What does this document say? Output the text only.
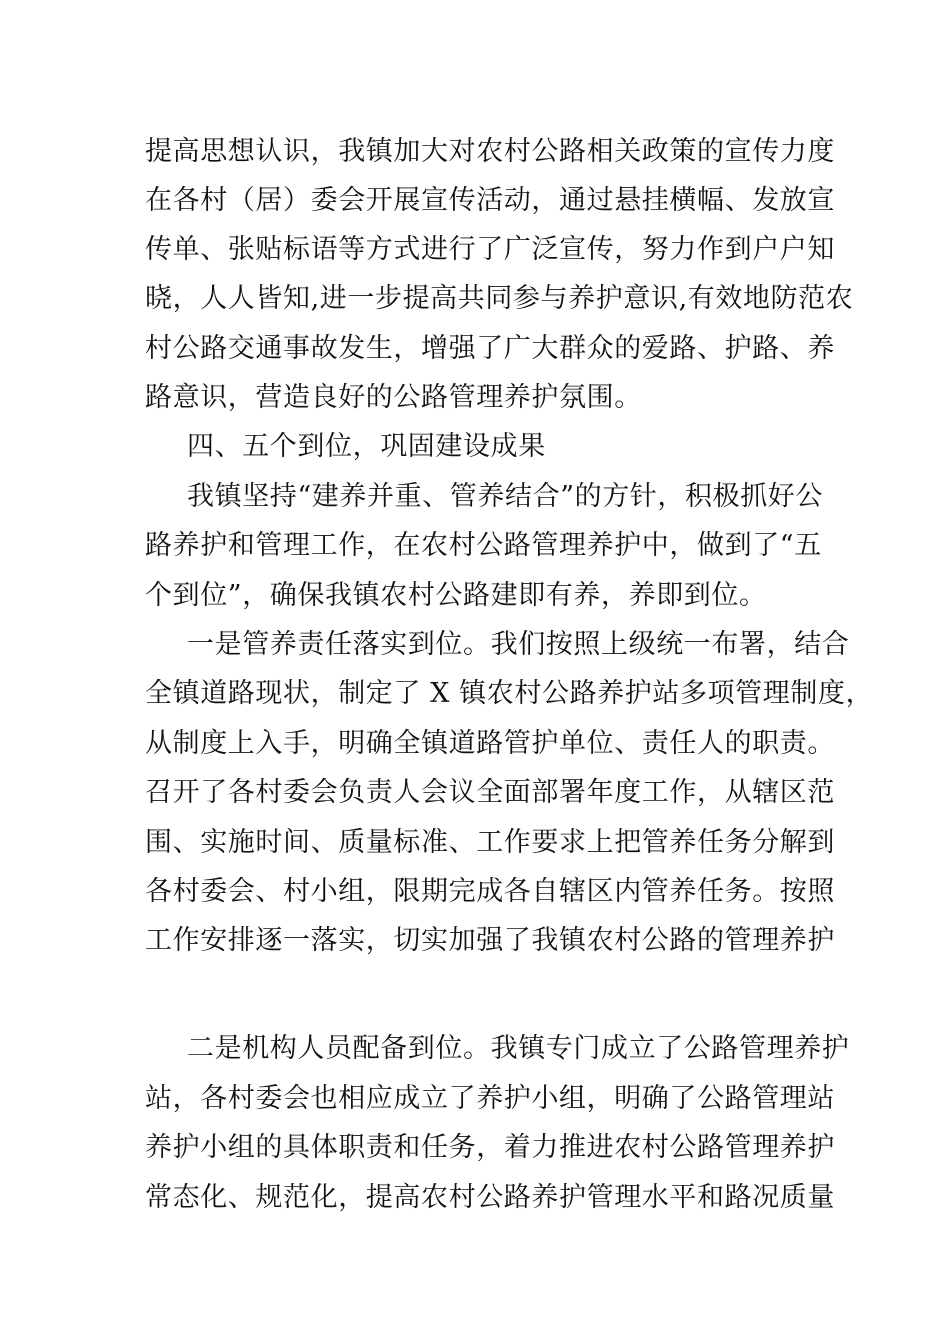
提高思想认识，我镇加大对农村公路相关政策的宣传力度
在各村（居）委会开展宣传活动，通过悬挂横幅、发放宣
传单、张贴标语等方式进行了广泛宣传，努力作到户户知
晓，人人皆知,进一步提高共同参与养护意识,有效地防范农
村公路交通事故发生，增强了广大群众的爱路、护路、养
路意识，营造良好的公路管理养护氛围。
四、五个到位，巩固建设成果
我镇坚持“建养并重、管养结合”的方针，积极抓好公
路养护和管理工作，在农村公路管理养护中，做到了“五
个到位”，确保我镇农村公路建即有养，养即到位。
一是管养责任落实到位。我们按照上级统一布署，结合
全镇道路现状，制定了 X 镇农村公路养护站多项管理制度，
从制度上入手，明确全镇道路管护单位、责任人的职责。
召开了各村委会负责人会议全面部署年度工作，从辖区范
围、实施时间、质量标准、工作要求上把管养任务分解到
各村委会、村小组，限期完成各自辖区内管养任务。按照
工作安排逐一落实，切实加强了我镇农村公路的管理养护
二是机构人员配备到位。我镇专门成立了公路管理养护
站，各村委会也相应成立了养护小组，明确了公路管理站
养护小组的具体职责和任务，着力推进农村公路管理养护
常态化、规范化，提高农村公路养护管理水平和路况质量
